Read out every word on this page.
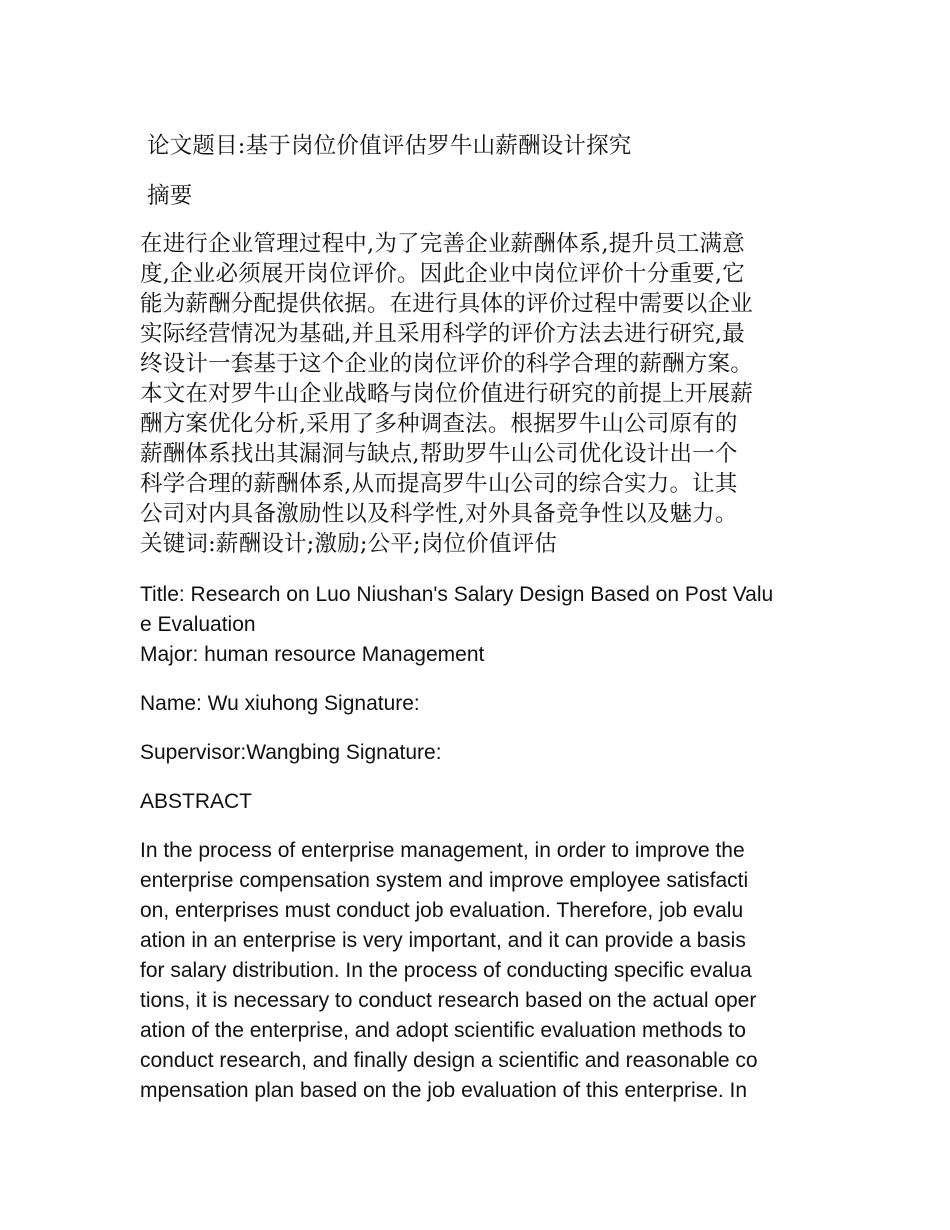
论文题目:基于岗位价值评估罗牛山薪酬设计探究
摘要
在进行企业管理过程中,为了完善企业薪酬体系,提升员工满意
度,企业必须展开岗位评价。因此企业中岗位评价十分重要,它
能为薪酬分配提供依据。在进行具体的评价过程中需要以企业
实际经营情况为基础,并且采用科学的评价方法去进行研究,最
终设计一套基于这个企业的岗位评价的科学合理的薪酬方案。
本文在对罗牛山企业战略与岗位价值进行研究的前提上开展薪
酬方案优化分析,采用了多种调查法。根据罗牛山公司原有的
薪酬体系找出其漏洞与缺点,帮助罗牛山公司优化设计出一个
科学合理的薪酬体系,从而提高罗牛山公司的综合实力。让其
公司对内具备激励性以及科学性,对外具备竞争性以及魅力。
关键词:薪酬设计;激励;公平;岗位价值评估
Title: Research on Luo Niushan's Salary Design Based on Post Valu
e Evaluation
Major: human resource Management
Name: Wu xiuhong Signature:
Supervisor:Wangbing Signature:
ABSTRACT
In the process of enterprise management, in order to improve the
enterprise compensation system and improve employee satisfacti
on, enterprises must conduct job evaluation. Therefore, job evalu
ation in an enterprise is very important, and it can provide a basis
for salary distribution. In the process of conducting specific evalua
tions, it is necessary to conduct research based on the actual oper
ation of the enterprise, and adopt scientific evaluation methods to
conduct research, and finally design a scientific and reasonable co
mpensation plan based on the job evaluation of this enterprise. In
